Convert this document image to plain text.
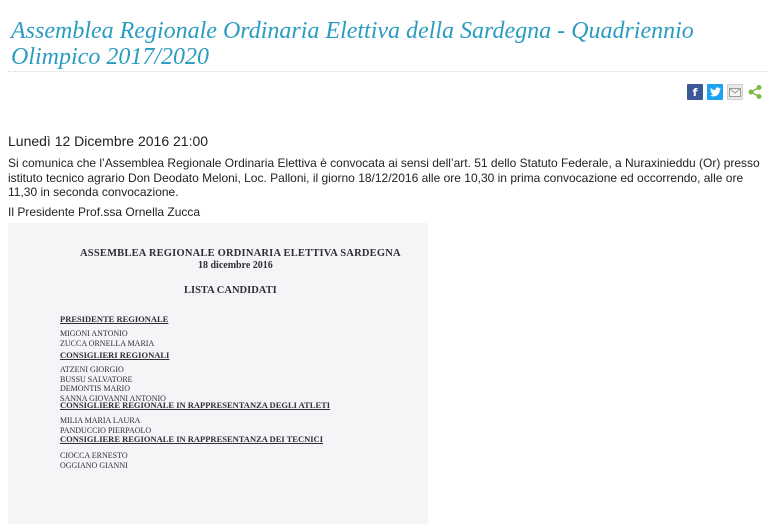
Assemblea Regionale Ordinaria Elettiva della Sardegna - Quadriennio Olimpico 2017/2020
f
Lunedì 12 Dicembre 2016 21:00

Si comunica che l’Assemblea Regionale Ordinaria Elettiva è convocata ai sensi dell’art. 51 dello Statuto Federale, a Nuraxinieddu (Or) presso istituto tecnico agrario Don Deodato Meloni, Loc. Palloni, il giorno 18/12/2016 alle ore 10,30 in prima convocazione ed occorrendo, alle ore 11,30 in seconda convocazione.

Il Presidente Prof.ssa Ornella Zucca
ASSEMBLEA REGIONALE ORDINARIA ELETTIVA SARDEGNA
18 dicembre 2016
LISTA CANDIDATI
PRESIDENTE REGIONALE
MIGONI ANTONIO
ZUCCA ORNELLA MARIA
CONSIGLIERI REGIONALI
ATZENI GIORGIO
BUSSU SALVATORE
DEMONTIS MARIO
SANNA GIOVANNI ANTONIO
CONSIGLIERE REGIONALE IN RAPPRESENTANZA DEGLI ATLETI
MILIA MARIA LAURA
PANDUCCIO PIERPAOLO
CONSIGLIERE REGIONALE IN RAPPRESENTANZA DEI TECNICI
CIOCCA ERNESTO
OGGIANO GIANNI
